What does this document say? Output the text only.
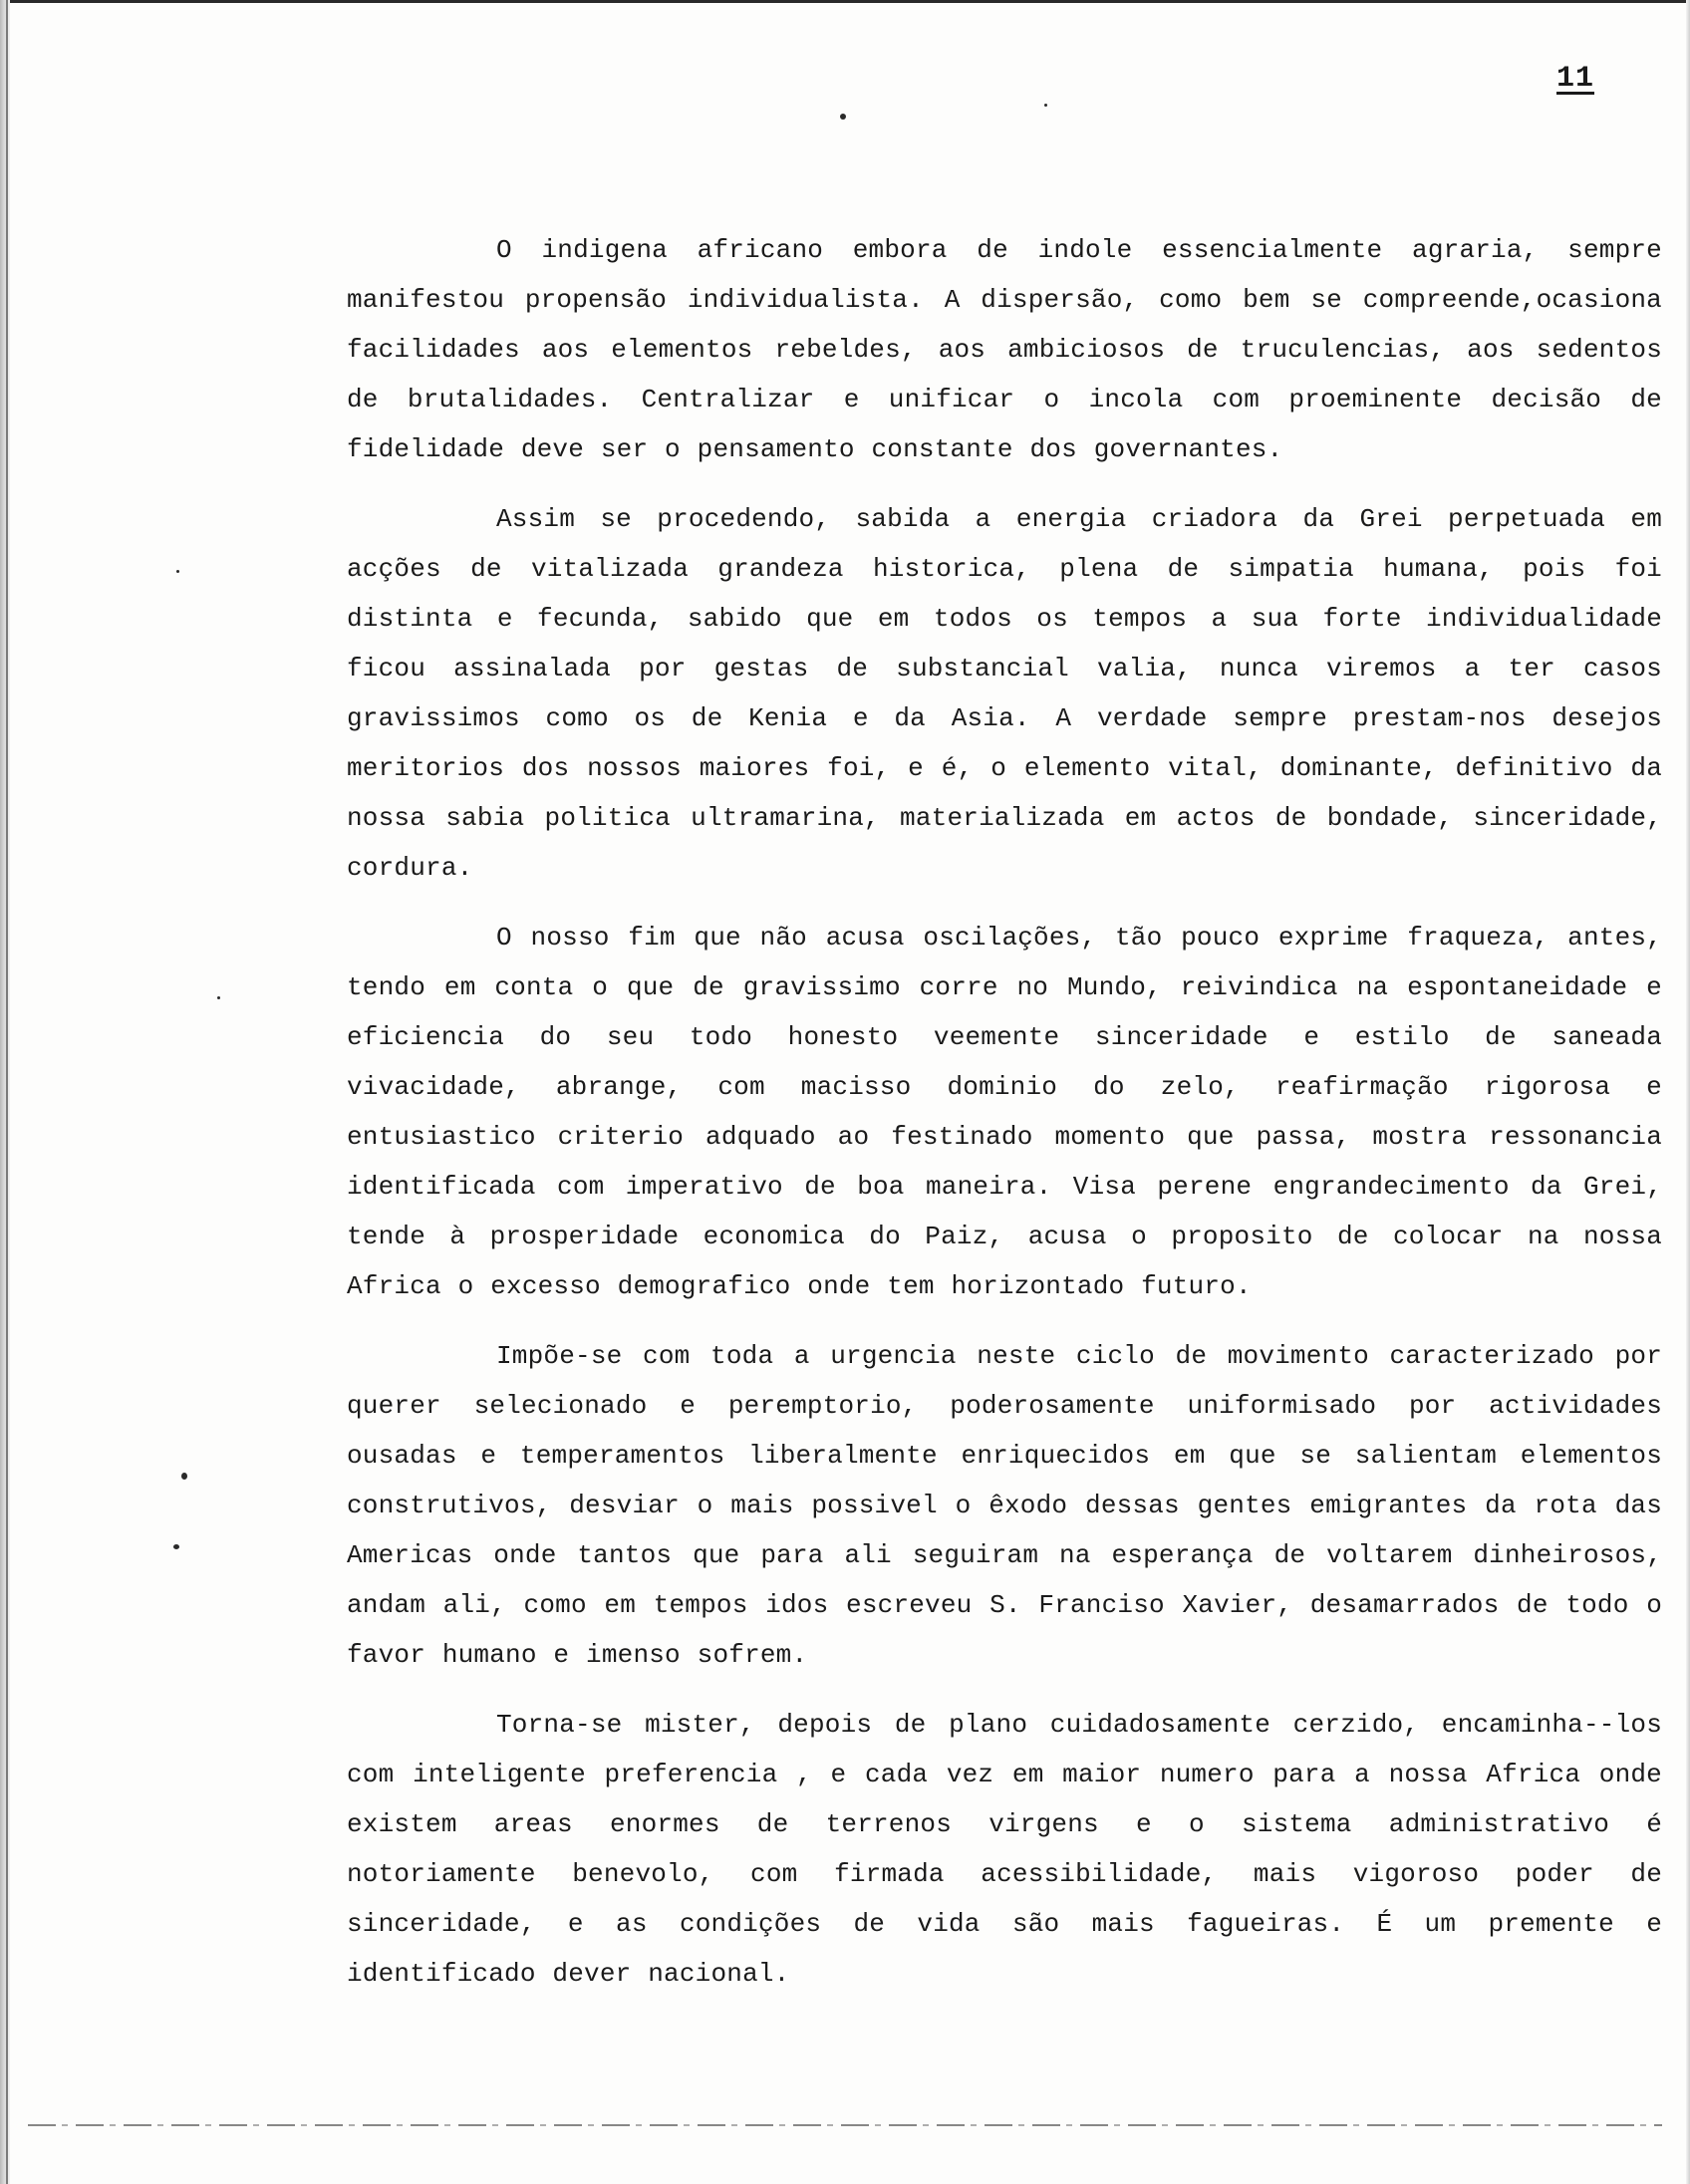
11

O indigena africano embora de indole essencialmente agraria, sempre manifestou propensão individualista. A dispersão, como bem se compreende,ocasiona facilidades aos elementos rebeldes, aos ambiciosos de truculencias, aos sedentos de brutalidades. Centralizar e unificar o incola com proeminente decisão de fidelidade deve ser o pensamento constante dos governantes.

Assim se procedendo, sabida a energia criadora da Grei perpetuada em acções de vitalizada grandeza historica, plena de simpatia humana, pois foi distinta e fecunda, sabido que em todos os tempos a sua forte individualidade ficou assinalada por gestas de substancial valia, nunca viremos a ter casos gravissimos como os de Kenia e da Asia. A verdade sempre prestam-nos desejos meritorios dos nossos maiores foi, e é, o elemento vital, dominante, definitivo da nossa sabia politica ultramarina, materializada em actos de bondade, sinceridade, cordura.

O nosso fim que não acusa oscilações, tão pouco exprime fraqueza, antes, tendo em conta o que de gravissimo corre no Mundo, reivindica na espontaneidade e eficiencia do seu todo honesto veemente sinceridade e estilo de saneada vivacidade, abrange, com macisso dominio do zelo, reafirmação rigorosa e entusiastico criterio adquado ao festinado momento que passa, mostra ressonancia identificada com imperativo de boa maneira. Visa perene engrandecimento da Grei, tende à prosperidade economica do Paiz, acusa o proposito de colocar na nossa Africa o excesso demografico onde tem horizontado futuro.

Impõe-se com toda a urgencia neste ciclo de movimento caracterizado por querer selecionado e peremptorio, poderosamente uniformisado por actividades ousadas e temperamentos liberalmente enriquecidos em que se salientam elementos construtivos, desviar o mais possivel o êxodo dessas gentes emigrantes da rota das Americas onde tantos que para ali seguiram na esperança de voltarem dinheirosos, andam ali, como em tempos idos escreveu S. Franciso Xavier, desamarrados de todo o favor humano e imenso sofrem.

Torna-se mister, depois de plano cuidadosamente cerzido, encaminha--los com inteligente preferencia , e cada vez em maior numero para a nossa Africa onde existem areas enormes de terrenos virgens e o sistema administrativo é notoriamente benevolo, com firmada acessibilidade, mais vigoroso poder de sinceridade, e as condições de vida são mais fagueiras. É um premente e identificado dever nacional.
